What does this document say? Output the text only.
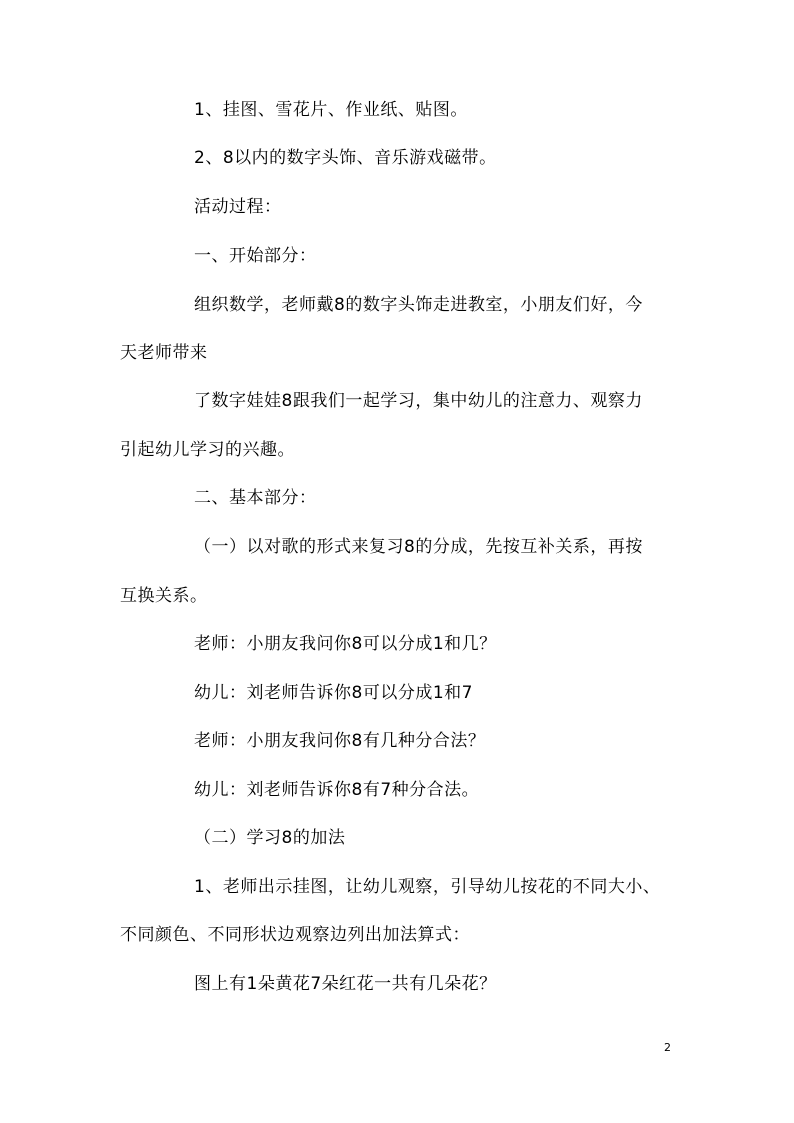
1、挂图、雪花片、作业纸、贴图。
2、8以内的数字头饰、音乐游戏磁带。
活动过程：
一、开始部分：
组织数学，老师戴8的数字头饰走进教室，小朋友们好，今
天老师带来
了数字娃娃8跟我们一起学习，集中幼儿的注意力、观察力
引起幼儿学习的兴趣。
二、基本部分：
（一）以对歌的形式来复习8的分成，先按互补关系，再按
互换关系。
老师：小朋友我问你8可以分成1和几？
幼儿：刘老师告诉你8可以分成1和7
老师：小朋友我问你8有几种分合法？
幼儿：刘老师告诉你8有7种分合法。
（二）学习8的加法
1、老师出示挂图，让幼儿观察，引导幼儿按花的不同大小、
不同颜色、不同形状边观察边列出加法算式：
图上有1朵黄花7朵红花一共有几朵花？
2
